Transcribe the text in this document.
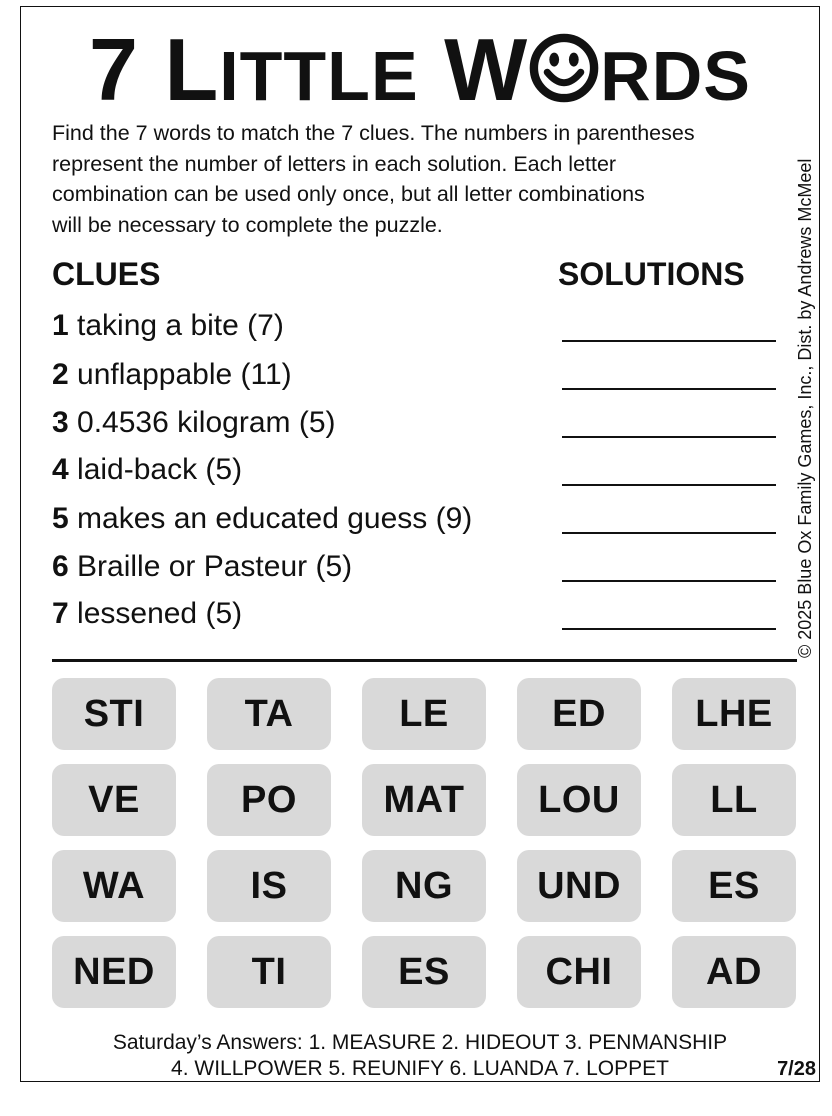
7 LITTLE W RDS
Find the 7 words to match the 7 clues. The numbers in parentheses
represent the number of letters in each solution. Each letter
combination can be used only once, but all letter combinations
will be necessary to complete the puzzle.	© 2025 Blue Ox Family Games, Inc., Dist. by Andrews McMeel
CLUES	SOLUTIONS
1 taking a bite (7)
2 unflappable (11)
3 0.4536 kilogram (5)
4 laid-back (5)
5 makes an educated guess (9)
6 Braille or Pasteur (5)
7 lessened (5)
STI	TA	LE	ED	LHE
VE	PO	MAT	LOU	LL
WA	IS	NG	UND	ES
NED	TI	ES	CHI	AD
Saturday’s Answers: 1. MEASURE 2. HIDEOUT 3. PENMANSHIP
4. WILLPOWER 5. REUNIFY 6. LUANDA 7. LOPPET	7/28
